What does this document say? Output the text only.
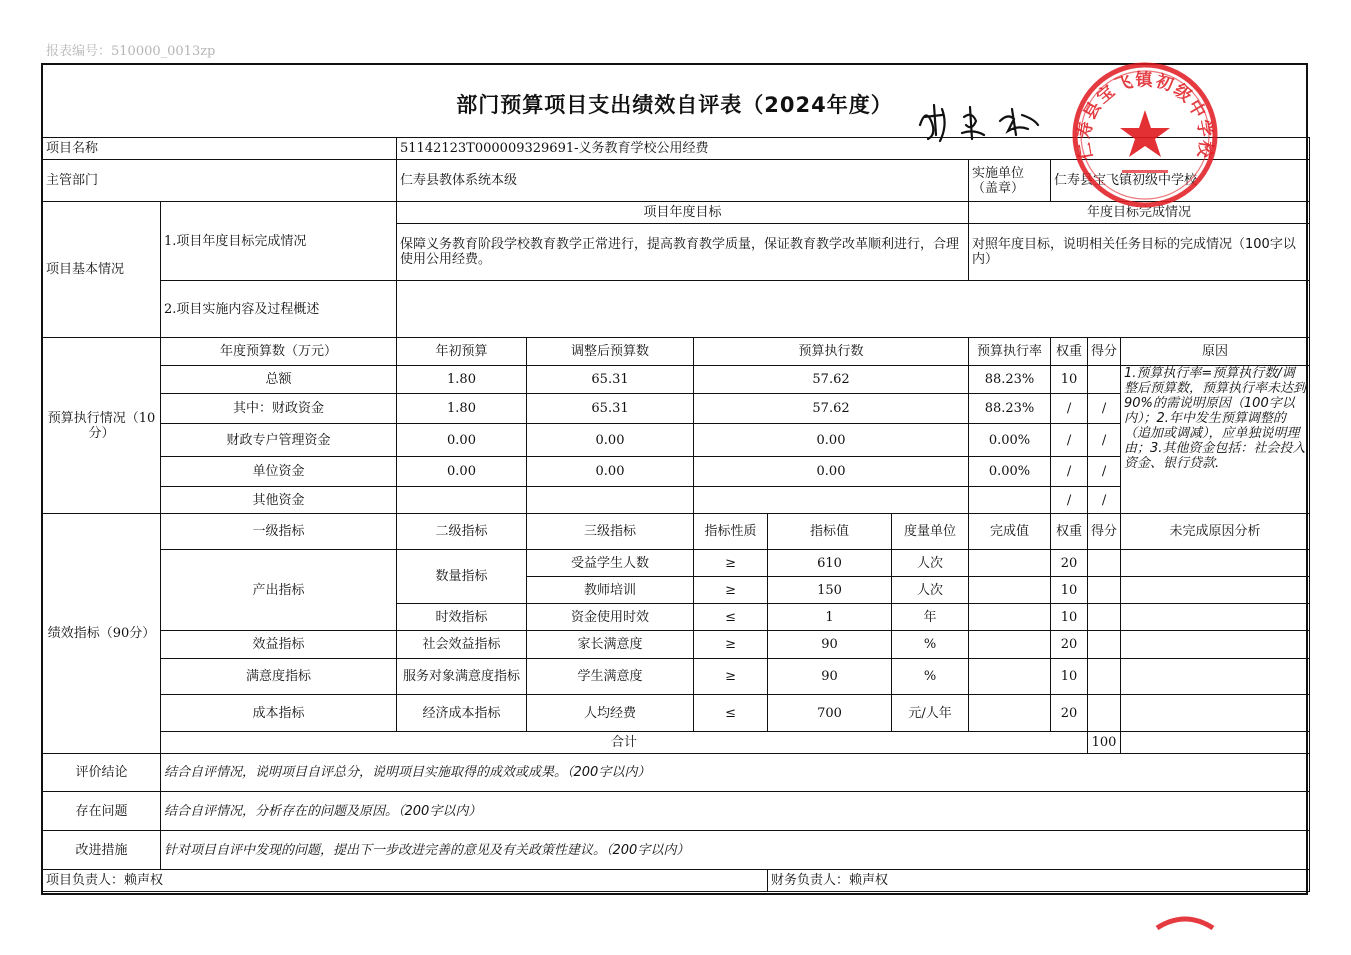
报表编号：510000_0013zp
部门预算项目支出绩效自评表（2024年度）
项目名称		51142123T000009329691-义务教育学校公用经费									
主管部门		仁寿县教体系统本级					实施单位（盖章）	仁寿县宝飞镇初级中学校			
项目基本情况	1.项目年度目标完成情况	项目年度目标					年度目标完成情况				
		保障义务教育阶段学校教育教学正常进行，提高教育教学质量，保证教育教学改革顺利进行，合理使用公用经费。					对照年度目标，说明相关任务目标的完成情况（100字以内）				
	2.项目实施内容及过程概述										
预算执行情况（10分）	年度预算数（万元）	年初预算	调整后预算数	预算执行数			预算执行率	权重	得分	原因	
	总额	1.80	65.31	57.62			88.23%	10		1.预算执行率=预算执行数/调整后预算数，预算执行率未达到90%的需说明原因（100字以内）；2.年中发生预算调整的（追加或调减），应单独说明理由；3.其他资金包括：社会投入资金、银行贷款.	
	其中：财政资金	1.80	65.31	57.62			88.23%	/	/		
	财政专户管理资金	0.00	0.00	0.00			0.00%	/	/		
	单位资金	0.00	0.00	0.00			0.00%	/	/		
	其他资金							/	/		
绩效指标（90分）	一级指标	二级指标	三级指标	指标性质	指标值	度量单位	完成值	权重	得分	未完成原因分析	
	产出指标	数量指标	受益学生人数	≥	610	人次		20			
			教师培训	≥	150	人次		10			
		时效指标	资金使用时效	≤	1	年		10			
	效益指标	社会效益指标	家长满意度	≥	90	%		20			
	满意度指标	服务对象满意度指标	学生满意度	≥	90	%		10			
	成本指标	经济成本指标	人均经费	≤	700	元/人年		20			
	合计								100		
评价结论	结合自评情况，说明项目自评总分，说明项目实施取得的成效或成果。（200字以内）										
存在问题	结合自评情况，分析存在的问题及原因。（200字以内）										
改进措施	针对项目自评中发现的问题，提出下一步改进完善的意见及有关政策性建议。（200字以内）										
项目负责人：赖声权					财务负责人：赖声权						
仁寿县宝飞镇初级中学校
